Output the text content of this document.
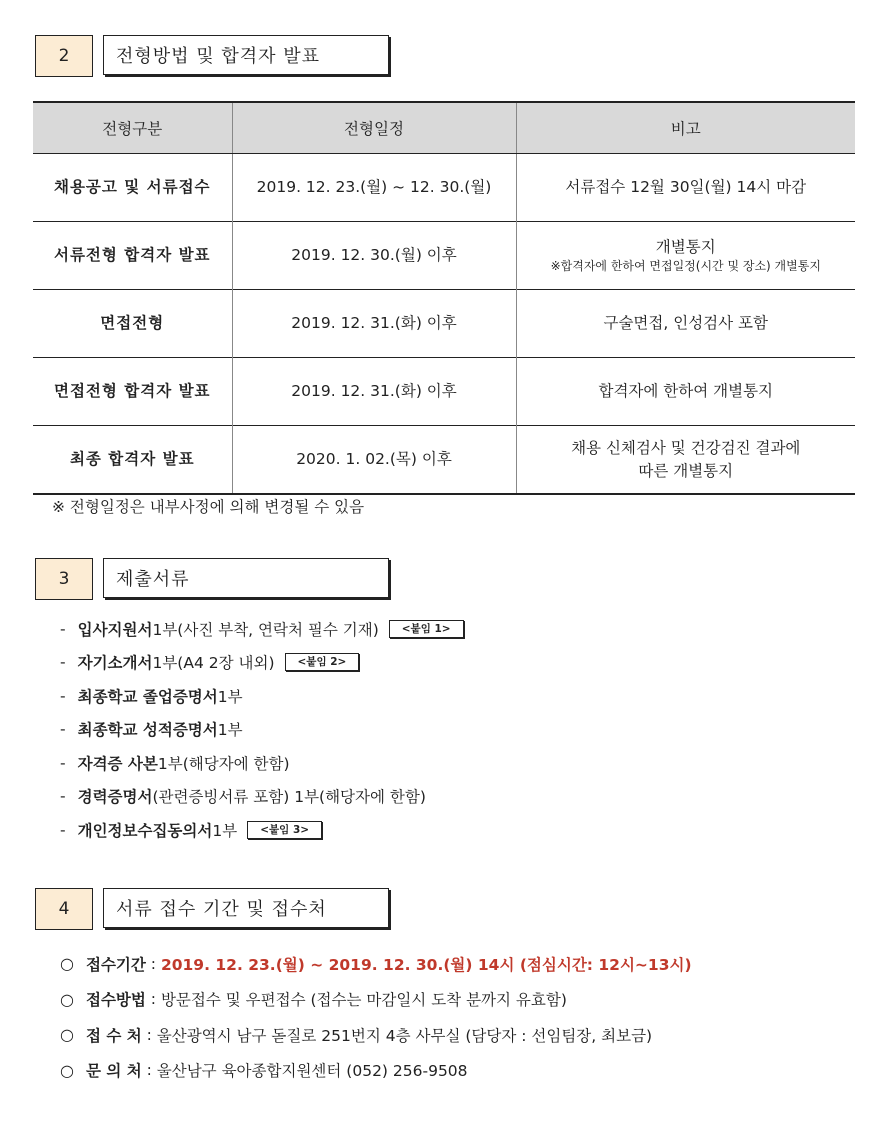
2	전형방법 및 합격자 발표
전형구분	전형일정	비고
채용공고 및 서류접수	2019. 12. 23.(월) ~ 12. 30.(월)	서류접수 12월 30일(월) 14시 마감
서류전형 합격자 발표	2019. 12. 30.(월) 이후	개별통지
※합격자에 한하여 면접일정(시간 및 장소) 개별통지

면접전형	2019. 12. 31.(화) 이후	구술면접, 인성검사 포함
면접전형 합격자 발표	2019. 12. 31.(화) 이후	합격자에 한하여 개별통지
최종 합격자 발표	2020. 1. 02.(목) 이후	채용 신체검사 및 건강검진 결과에
따른 개별통지
※ 전형일정은 내부사정에 의해 변경될 수 있음
3	제출서류
- 입사지원서 1부(사진 부착, 연락처 필수 기재)	<붙임 1>
- 자기소개서 1부(A4 2장 내외)	<붙임 2>
- 최종학교 졸업증명서 1부
- 최종학교 성적증명서 1부
- 자격증 사본 1부(해당자에 한함)
- 경력증명서 (관련증빙서류 포함) 1부(해당자에 한함)
- 개인정보수집동의서 1부	<붙임 3>
4	서류 접수 기간 및 접수처
○ 접수기간 : 2019. 12. 23.(월) ~ 2019. 12. 30.(월) 14시 (점심시간: 12시~13시)
○ 접수방법 : 방문접수 및 우편접수 (접수는 마감일시 도착 분까지 유효함)
○ 접 수 처 : 울산광역시 남구 돋질로 251번지 4층 사무실 (담당자 : 선임팀장, 최보금)
○ 문 의 처 : 울산남구 육아종합지원센터 (052) 256-9508
